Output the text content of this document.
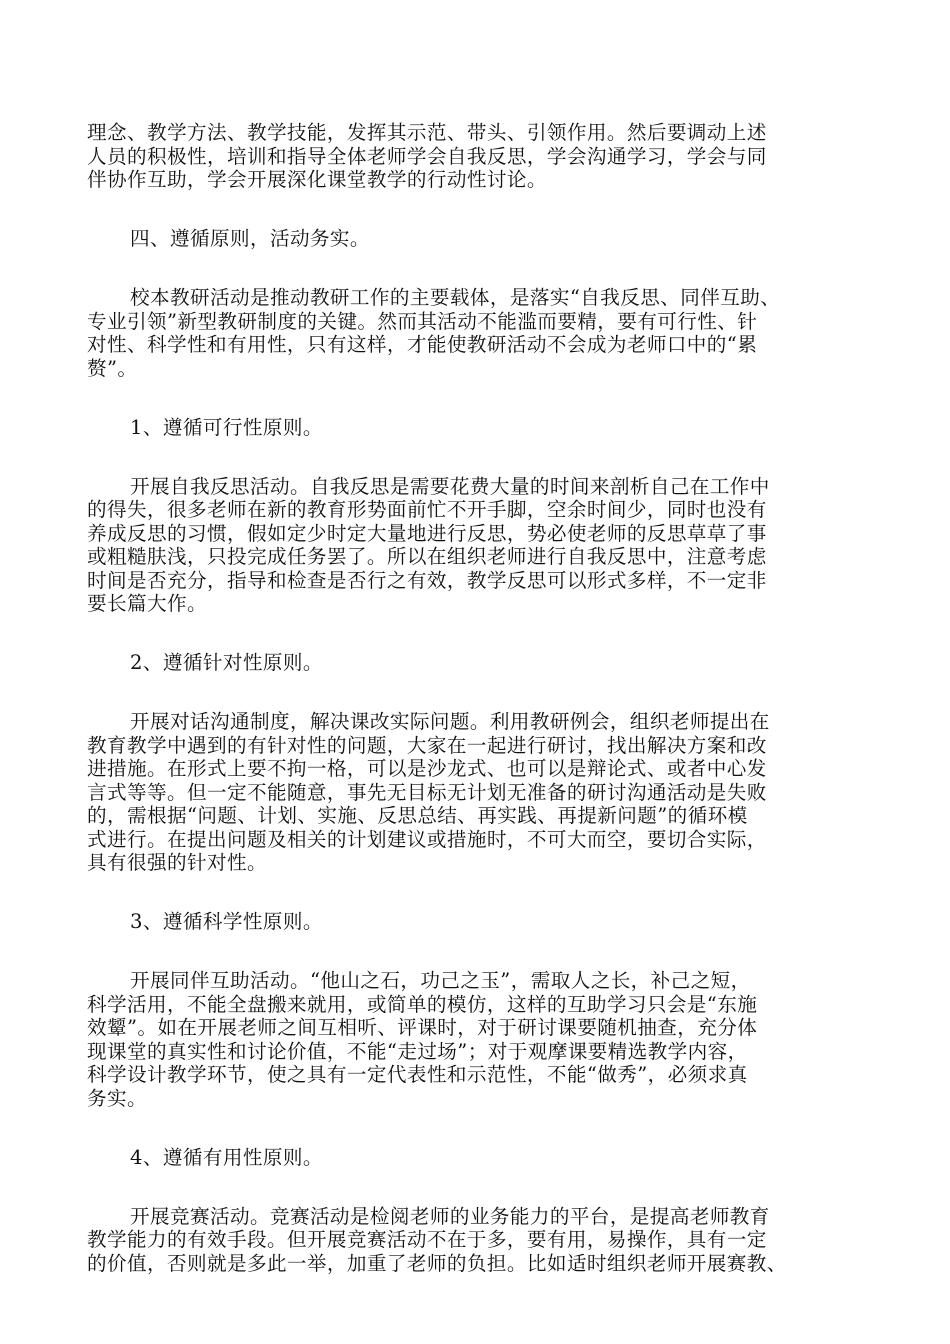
理念、教学方法、教学技能，发挥其示范、带头、引领作用。然后要调动上述
人员的积极性，培训和指导全体老师学会自我反思，学会沟通学习，学会与同
伴协作互助，学会开展深化课堂教学的行动性讨论。
四、遵循原则，活动务实。
校本教研活动是推动教研工作的主要载体，是落实“自我反思、同伴互助、
专业引领”新型教研制度的关键。然而其活动不能滥而要精，要有可行性、针
对性、科学性和有用性，只有这样，才能使教研活动不会成为老师口中的“累
赘”。
1、遵循可行性原则。
开展自我反思活动。自我反思是需要花费大量的时间来剖析自己在工作中
的得失，很多老师在新的教育形势面前忙不开手脚，空余时间少，同时也没有
养成反思的习惯，假如定少时定大量地进行反思，势必使老师的反思草草了事
或粗糙肤浅，只投完成任务罢了。所以在组织老师进行自我反思中，注意考虑
时间是否充分，指导和检查是否行之有效，教学反思可以形式多样，不一定非
要长篇大作。
2、遵循针对性原则。
开展对话沟通制度，解决课改实际问题。利用教研例会，组织老师提出在
教育教学中遇到的有针对性的问题，大家在一起进行研讨，找出解决方案和改
进措施。在形式上要不拘一格，可以是沙龙式、也可以是辩论式、或者中心发
言式等等。但一定不能随意，事先无目标无计划无准备的研讨沟通活动是失败
的，需根据“问题、计划、实施、反思总结、再实践、再提新问题”的循环模
式进行。在提出问题及相关的计划建议或措施时，不可大而空，要切合实际，
具有很强的针对性。
3、遵循科学性原则。
开展同伴互助活动。“他山之石，功己之玉”，需取人之长，补己之短，
科学活用，不能全盘搬来就用，或简单的模仿，这样的互助学习只会是“东施
效颦”。如在开展老师之间互相听、评课时，对于研讨课要随机抽查，充分体
现课堂的真实性和讨论价值，不能“走过场”；对于观摩课要精选教学内容，
科学设计教学环节，使之具有一定代表性和示范性，不能“做秀”，必须求真
务实。
4、遵循有用性原则。
开展竞赛活动。竞赛活动是检阅老师的业务能力的平台，是提高老师教育
教学能力的有效手段。但开展竞赛活动不在于多，要有用，易操作，具有一定
的价值，否则就是多此一举，加重了老师的负担。比如适时组织老师开展赛教、
